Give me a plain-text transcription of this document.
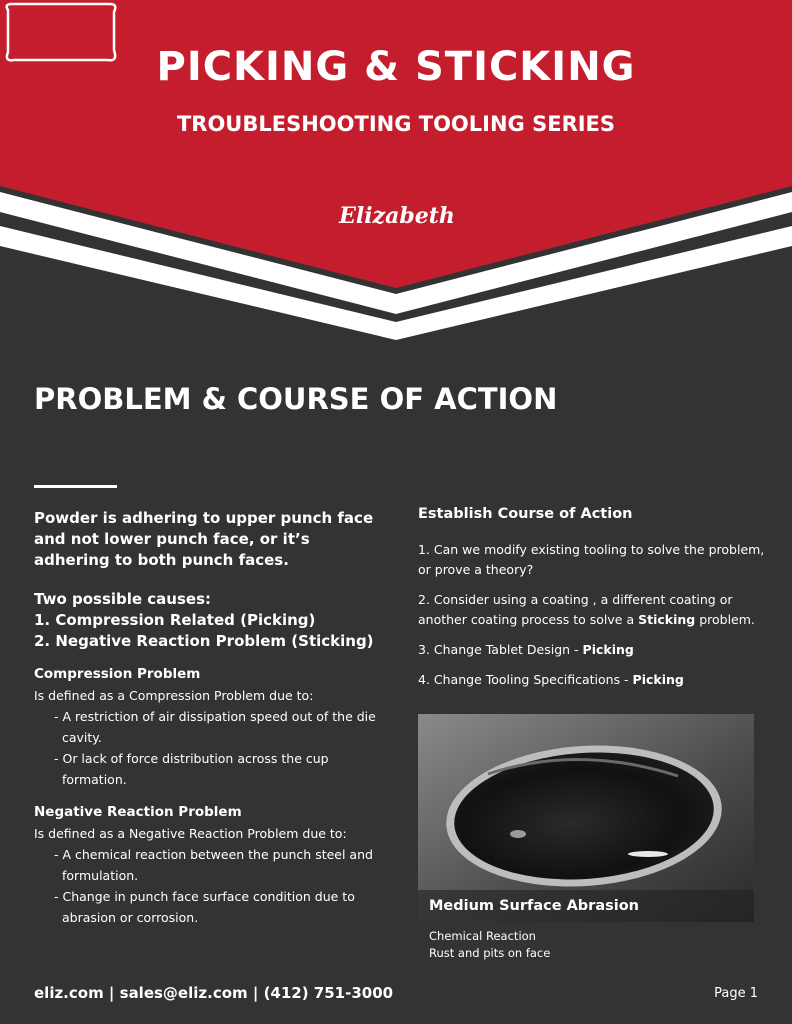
PICKING & STICKING
TROUBLESHOOTING TOOLING SERIES
Elizabeth
PROBLEM & COURSE OF ACTION

Powder is adhering to upper punch face and not lower punch face, or it’s adhering to both punch faces.

Two possible causes:
1. Compression Related (Picking)
2. Negative Reaction Problem (Sticking)
Compression Problem

Is defined as a Compression Problem due to:

- A restriction of air dissipation speed out of the die cavity.

- Or lack of force distribution across the cup formation.

Negative Reaction Problem

Is defined as a Negative Reaction Problem due to:

- A chemical reaction between the punch steel and formulation.

- Change in punch face surface condition due to abrasion or corrosion.

Establish Course of Action

1. Can we modify existing tooling to solve the problem, or prove a theory?

2. Consider using a coating , a different coating or another coating process to solve a Sticking problem.

3. Change Tablet Design - Picking

4. Change Tooling Specifications - Picking

Medium Surface Abrasion
Chemical Reaction
Rust and pits on face
eliz.com | sales@eliz.com | (412) 751-3000	Page 1
